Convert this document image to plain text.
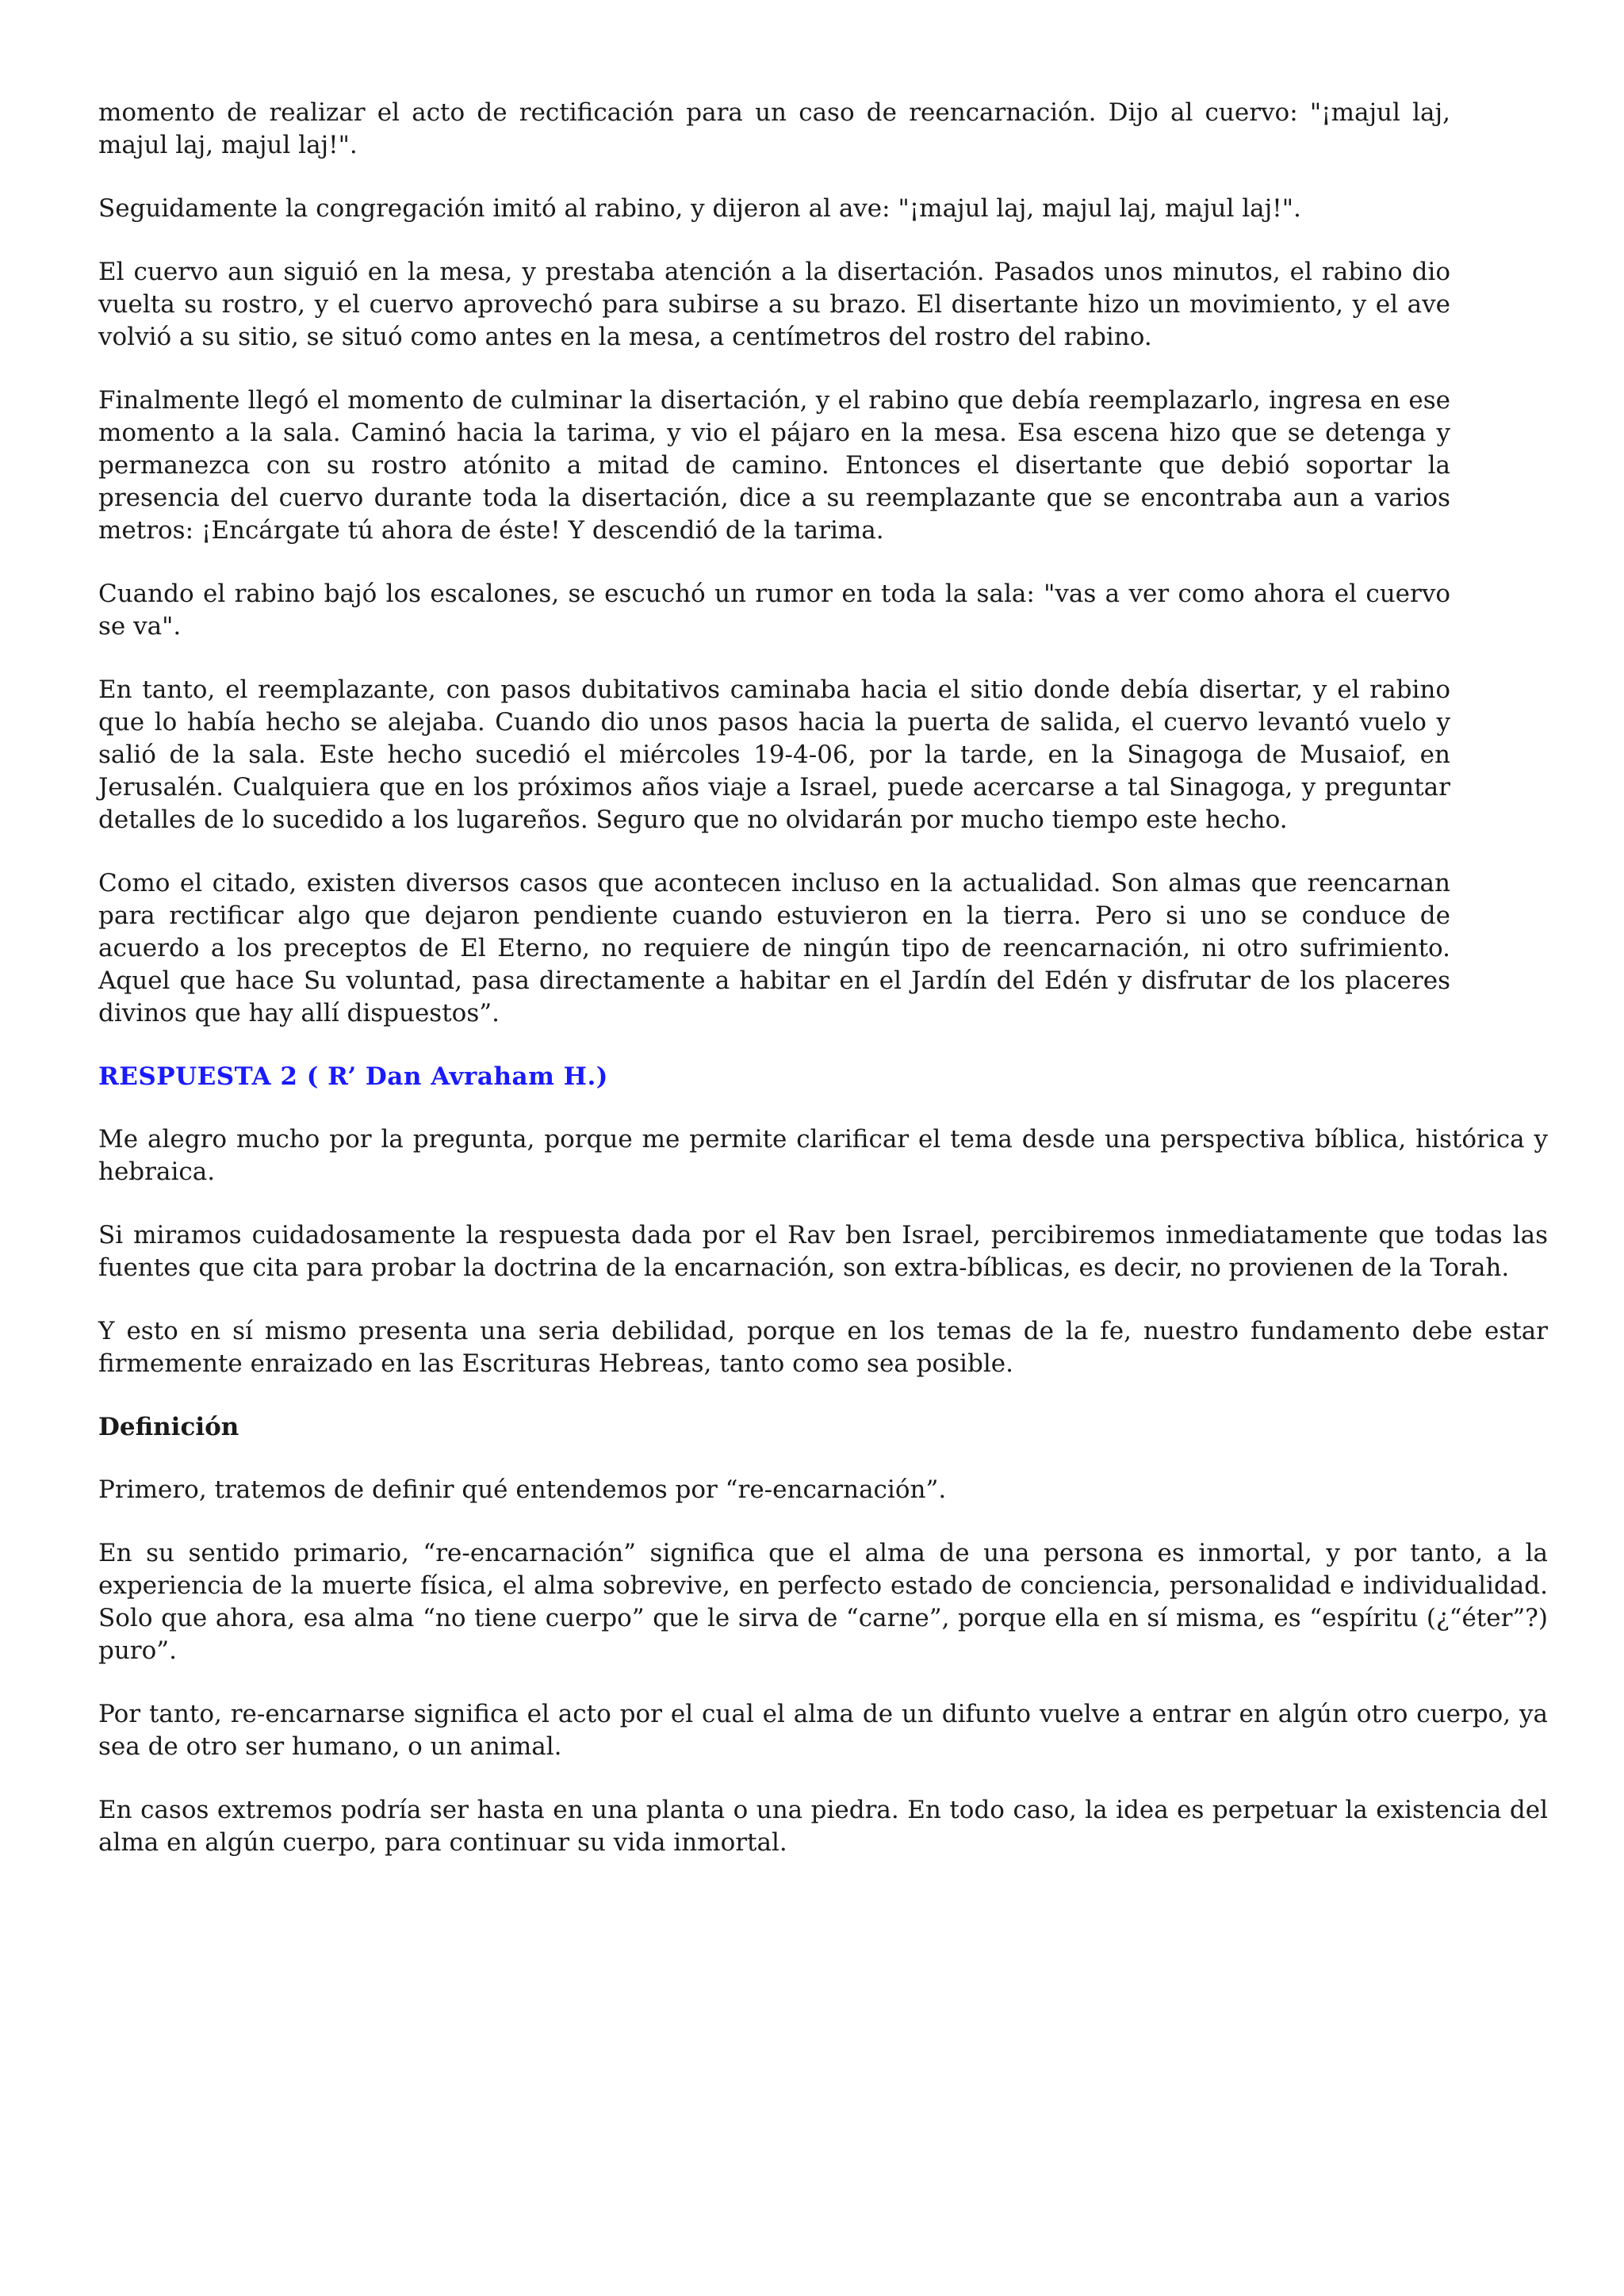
momento de realizar el acto de rectificación para un caso de reencarnación. Dijo al cuervo: "¡majul laj, majul laj, majul laj!".

Seguidamente la congregación imitó al rabino, y dijeron al ave: "¡majul laj, majul laj, majul laj!".

El cuervo aun siguió en la mesa, y prestaba atención a la disertación. Pasados unos minutos, el rabino dio vuelta su rostro, y el cuervo aprovechó para subirse a su brazo. El disertante hizo un movimiento, y el ave volvió a su sitio, se situó como antes en la mesa, a centímetros del rostro del rabino.

Finalmente llegó el momento de culminar la disertación, y el rabino que debía reemplazarlo, ingresa en ese momento a la sala. Caminó hacia la tarima, y vio el pájaro en la mesa. Esa escena hizo que se detenga y permanezca con su rostro atónito a mitad de camino. Entonces el disertante que debió soportar la presencia del cuervo durante toda la disertación, dice a su reemplazante que se encontraba aun a varios metros: ¡Encárgate tú ahora de éste! Y descendió de la tarima.

Cuando el rabino bajó los escalones, se escuchó un rumor en toda la sala: "vas a ver como ahora el cuervo se va".

En tanto, el reemplazante, con pasos dubitativos caminaba hacia el sitio donde debía disertar, y el rabino que lo había hecho se alejaba. Cuando dio unos pasos hacia la puerta de salida, el cuervo levantó vuelo y salió de la sala. Este hecho sucedió el miércoles 19-4-06, por la tarde, en la Sinagoga de Musaiof, en Jerusalén. Cualquiera que en los próximos años viaje a Israel, puede acercarse a tal Sinagoga, y preguntar detalles de lo sucedido a los lugareños. Seguro que no olvidarán por mucho tiempo este hecho.

Como el citado, existen diversos casos que acontecen incluso en la actualidad. Son almas que reencarnan para rectificar algo que dejaron pendiente cuando estuvieron en la tierra. Pero si uno se conduce de acuerdo a los preceptos de El Eterno, no requiere de ningún tipo de reencarnación, ni otro sufrimiento. Aquel que hace Su voluntad, pasa directamente a habitar en el Jardín del Edén y disfrutar de los placeres divinos que hay allí dispuestos”.

RESPUESTA 2 ( R’ Dan Avraham H.)

Me alegro mucho por la pregunta, porque me permite clarificar el tema desde una perspectiva bíblica, histórica y hebraica.

Si miramos cuidadosamente la respuesta dada por el Rav ben Israel, percibiremos inmediatamente que todas las fuentes que cita para probar la doctrina de la encarnación, son extra-bíblicas, es decir, no provienen de la Torah.

Y esto en sí mismo presenta una seria debilidad, porque en los temas de la fe, nuestro fundamento debe estar firmemente enraizado en las Escrituras Hebreas, tanto como sea posible.

Definición

Primero, tratemos de definir qué entendemos por “re-encarnación”.

En su sentido primario, “re-encarnación” significa que el alma de una persona es inmortal, y por tanto, a la experiencia de la muerte física, el alma sobrevive, en perfecto estado de conciencia, personalidad e individualidad. Solo que ahora, esa alma “no tiene cuerpo” que le sirva de “carne”, porque ella en sí misma, es “espíritu (¿“éter”?) puro”.

Por tanto, re-encarnarse significa el acto por el cual el alma de un difunto vuelve a entrar en algún otro cuerpo, ya sea de otro ser humano, o un animal.

En casos extremos podría ser hasta en una planta o una piedra. En todo caso, la idea es perpetuar la existencia del alma en algún cuerpo, para continuar su vida inmortal.
